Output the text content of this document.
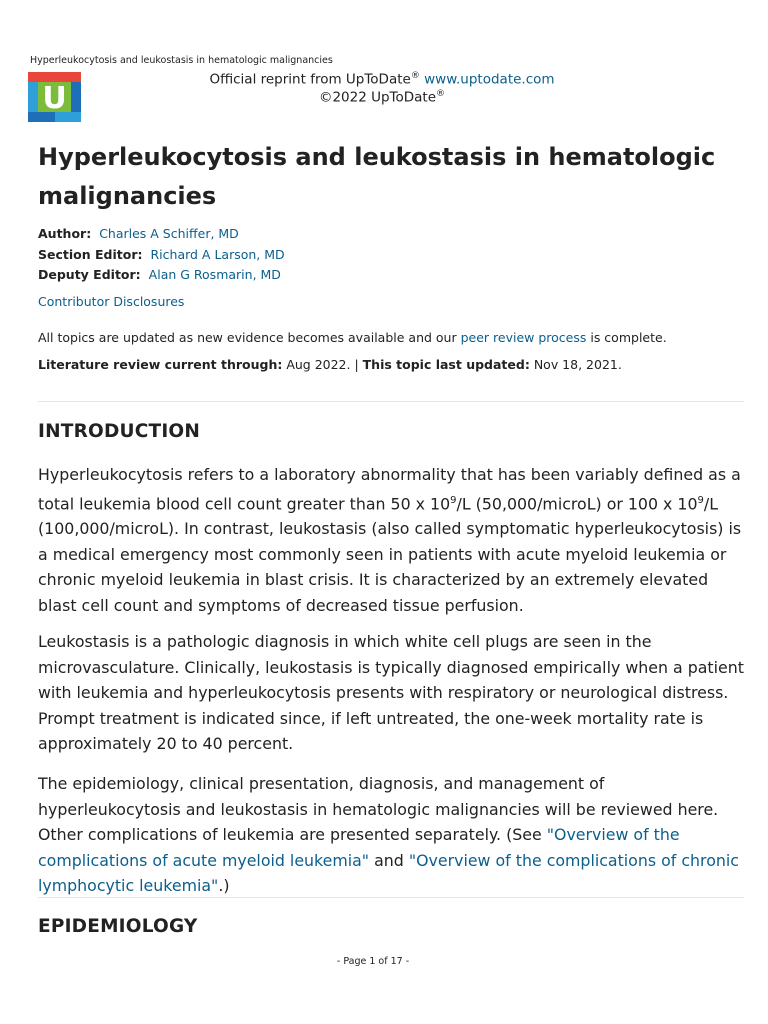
Hyperleukocytosis and leukostasis in hematologic malignancies
U
Official reprint from UpToDate® www.uptodate.com
©2022 UpToDate®
Hyperleukocytosis and leukostasis in hematologic malignancies
Author: Charles A Schiffer, MD
Section Editor: Richard A Larson, MD
Deputy Editor: Alan G Rosmarin, MD
Contributor Disclosures
All topics are updated as new evidence becomes available and our peer review process is complete.
Literature review current through: Aug 2022. | This topic last updated: Nov 18, 2021.
INTRODUCTION

Hyperleukocytosis refers to a laboratory abnormality that has been variably defined as a total leukemia blood cell count greater than 50 x $10^9/L$ (50,000/microL) or 100 x $10^9/L$ (100,000/microL). In contrast, leukostasis (also called symptomatic hyperleukocytosis) is a medical emergency most commonly seen in patients with acute myeloid leukemia or chronic myeloid leukemia in blast crisis. It is characterized by an extremely elevated blast cell count and symptoms of decreased tissue perfusion.

Leukostasis is a pathologic diagnosis in which white cell plugs are seen in the microvasculature. Clinically, leukostasis is typically diagnosed empirically when a patient with leukemia and hyperleukocytosis presents with respiratory or neurological distress. Prompt treatment is indicated since, if left untreated, the one-week mortality rate is approximately 20 to 40 percent.

The epidemiology, clinical presentation, diagnosis, and management of hyperleukocytosis and leukostasis in hematologic malignancies will be reviewed here. Other complications of leukemia are presented separately. (See "Overview of the complications of acute myeloid leukemia" and "Overview of the complications of chronic lymphocytic leukemia".)

EPIDEMIOLOGY
- Page 1 of 17 -
